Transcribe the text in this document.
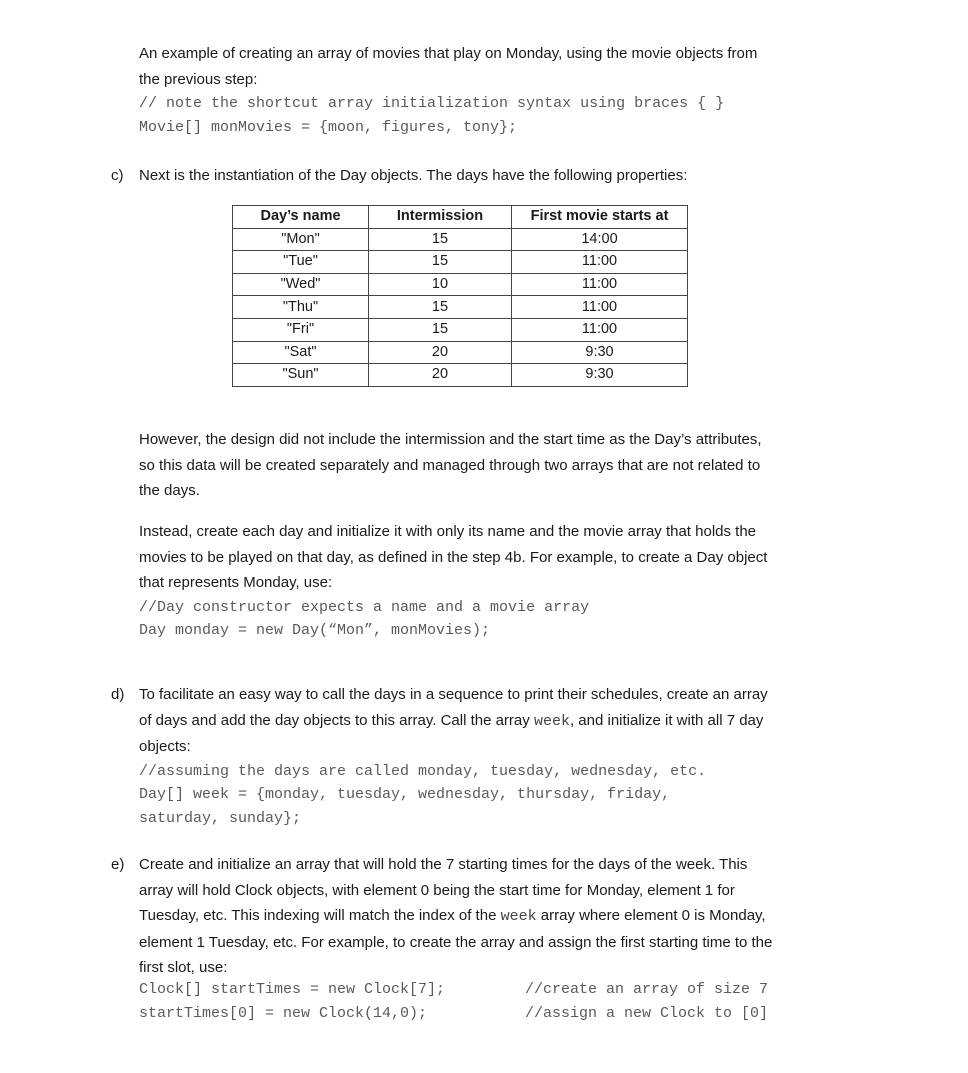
An example of creating an array of movies that play on Monday, using the movie objects from

the previous step:

// note the shortcut array initialization syntax using braces { }

Movie[] monMovies = {moon, figures, tony};

c) Next is the instantiation of the Day objects. The days have the following properties:

Day’s name	Intermission	First movie starts at
"Mon"	15	14:00
"Tue"	15	11:00
"Wed"	10	11:00
"Thu"	15	11:00
"Fri"	15	11:00
"Sat"	20	9:30
"Sun"	20	9:30

However, the design did not include the intermission and the start time as the Day’s attributes,

so this data will be created separately and managed through two arrays that are not related to

the days.

Instead, create each day and initialize it with only its name and the movie array that holds the

movies to be played on that day, as defined in the step 4b. For example, to create a Day object

that represents Monday, use:

//Day constructor expects a name and a movie array

Day monday = new Day(“Mon”, monMovies);

d) To facilitate an easy way to call the days in a sequence to print their schedules, create an array

of days and add the day objects to this array. Call the array week, and initialize it with all 7 day

objects:

//assuming the days are called monday, tuesday, wednesday, etc.

Day[] week = {monday, tuesday, wednesday, thursday, friday,

saturday, sunday};

e) Create and initialize an array that will hold the 7 starting times for the days of the week. This

array will hold Clock objects, with element 0 being the start time for Monday, element 1 for

Tuesday, etc. This indexing will match the index of the week array where element 0 is Monday,

element 1 Tuesday, etc. For example, to create the array and assign the first starting time to the

first slot, use:

Clock[] startTimes = new Clock[7];	//create an array of size 7

startTimes[0] = new Clock(14,0);	//assign a new Clock to [0]
